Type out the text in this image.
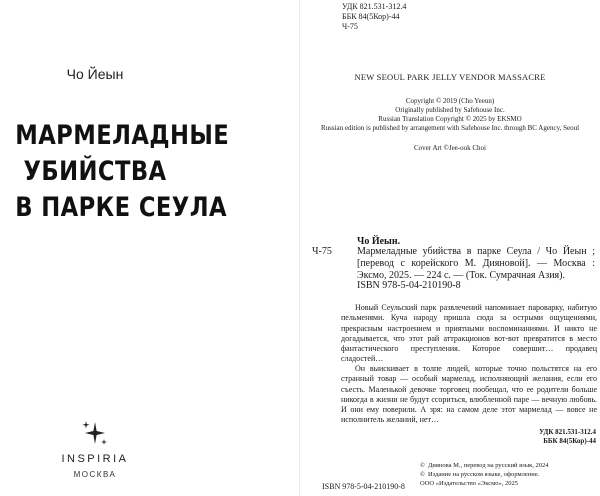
Чо Йеын
МАРМЕЛАДНЫЕ
УБИЙСТВА
В ПАРКЕ СЕУЛА
INSPIRIA
МОСКВА
УДК 821.531-312.4
ББК 84(5Кор)-44
Ч-75
NEW SEOUL PARK JELLY VENDOR MASSACRE
Copyright © 2019 (Cho Yeeun)
Originally published by Safehouse Inc.
Russian Translation Copyright © 2025 by EKSMO
Russian edition is published by arrangement with Safehouse Inc. through BC Agency, Seoul
Cover Art ©Jee-ook Choi
Чо Йеын.
Ч-75	Мармеладные убийства в парке Сеула / Чо Йеын ; [перевод с корейского М. Дияновой]. — Москва : Эксмо, 2025. — 224 с. — (Ток. Сумрачная Азия).
ISBN 978-5-04-210190-8
Новый Сеульский парк развлечений напоминает пароварку, набитую пельменями. Куча народу пришла сюда за острыми ощущениями, прекрасным настроением и приятными воспоминаниями. И никто не догадывается, что этот рай аттракционов вот-вот превратится в место фантастического преступления. Которое совершит… продавец сладостей…
Он выискивает в толпе людей, которые точно польстятся на его странный товар — особый мармелад, исполняющий желания, если его съесть. Маленькой девочке торговец пообещал, что ее родители больше никогда в жизни не будут ссориться, влюбленной паре — вечную любовь. И они ему поверили. А зря: на самом деле этот мармелад — вовсе не исполнитель желаний, нет…
УДК 821.531-312.4
ББК 84(5Кор)-44
ISBN 978-5-04-210190-8
© Диянова М., перевод на русский язык, 2024
© Издание на русском языке, оформление.
ООО «Издательство «Эксмо», 2025
